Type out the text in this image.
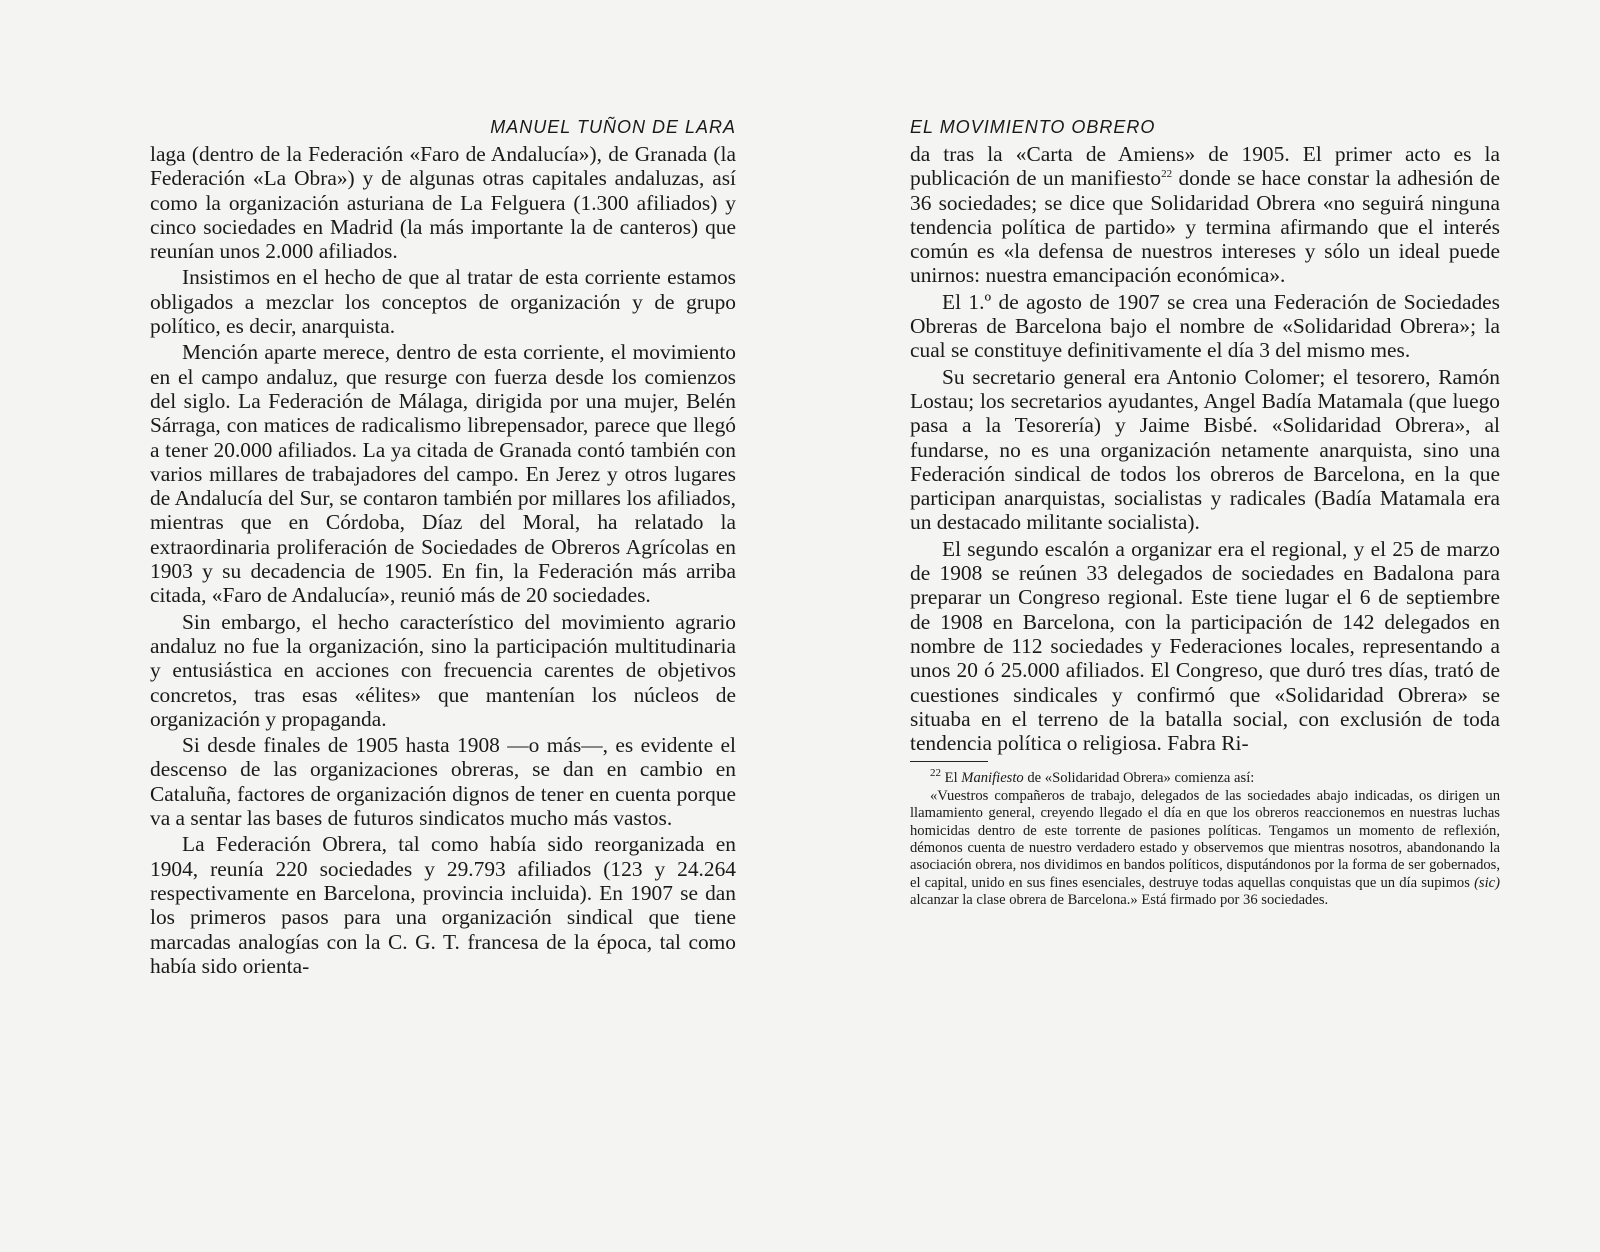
MANUEL TUÑON DE LARA

laga (dentro de la Federación «Faro de Andalucía»), de Granada (la Federación «La Obra») y de algunas otras capitales andaluzas, así como la organización asturiana de La Felguera (1.300 afiliados) y cinco sociedades en Madrid (la más importante la de canteros) que reunían unos 2.000 afiliados.

Insistimos en el hecho de que al tratar de esta corriente estamos obligados a mezclar los conceptos de organización y de grupo político, es decir, anarquista.

Mención aparte merece, dentro de esta corriente, el movimiento en el campo andaluz, que resurge con fuerza desde los comienzos del siglo. La Federación de Málaga, dirigida por una mujer, Belén Sárraga, con matices de radicalismo librepensador, parece que llegó a tener 20.000 afiliados. La ya citada de Granada contó también con varios millares de trabajadores del campo. En Jerez y otros lugares de Andalucía del Sur, se contaron también por millares los afiliados, mientras que en Córdoba, Díaz del Moral, ha relatado la extraordinaria proliferación de Sociedades de Obreros Agrícolas en 1903 y su decadencia de 1905. En fin, la Federación más arriba citada, «Faro de Andalucía», reunió más de 20 sociedades.

Sin embargo, el hecho característico del movimiento agrario andaluz no fue la organización, sino la participación multitudinaria y entusiástica en acciones con frecuencia carentes de objetivos concretos, tras esas «élites» que mantenían los núcleos de organización y propaganda.

Si desde finales de 1905 hasta 1908 —o más—, es evidente el descenso de las organizaciones obreras, se dan en cambio en Cataluña, factores de organización dignos de tener en cuenta porque va a sentar las bases de futuros sindicatos mucho más vastos.

La Federación Obrera, tal como había sido reorganizada en 1904, reunía 220 sociedades y 29.793 afiliados (123 y 24.264 respectivamente en Barcelona, provincia incluida). En 1907 se dan los primeros pasos para una organización sindical que tiene marcadas analogías con la C. G. T. francesa de la época, tal como había sido orienta-

EL MOVIMIENTO OBRERO

da tras la «Carta de Amiens» de 1905. El primer acto es la publicación de un manifiesto$^{22}$ donde se hace constar la adhesión de 36 sociedades; se dice que Solidaridad Obrera «no seguirá ninguna tendencia política de partido» y termina afirmando que el interés común es «la defensa de nuestros intereses y sólo un ideal puede unirnos: nuestra emancipación económica».

El 1.º de agosto de 1907 se crea una Federación de Sociedades Obreras de Barcelona bajo el nombre de «Solidaridad Obrera»; la cual se constituye definitivamente el día 3 del mismo mes.

Su secretario general era Antonio Colomer; el tesorero, Ramón Lostau; los secretarios ayudantes, Angel Badía Matamala (que luego pasa a la Tesorería) y Jaime Bisbé. «Solidaridad Obrera», al fundarse, no es una organización netamente anarquista, sino una Federación sindical de todos los obreros de Barcelona, en la que participan anarquistas, socialistas y radicales (Badía Matamala era un destacado militante socialista).

El segundo escalón a organizar era el regional, y el 25 de marzo de 1908 se reúnen 33 delegados de sociedades en Badalona para preparar un Congreso regional. Este tiene lugar el 6 de septiembre de 1908 en Barcelona, con la participación de 142 delegados en nombre de 112 sociedades y Federaciones locales, representando a unos 20 ó 25.000 afiliados. El Congreso, que duró tres días, trató de cuestiones sindicales y confirmó que «Solidaridad Obrera» se situaba en el terreno de la batalla social, con exclusión de toda tendencia política o religiosa. Fabra Ri-

$^{22}$ El Manifiesto de «Solidaridad Obrera» comienza así:

«Vuestros compañeros de trabajo, delegados de las sociedades abajo indicadas, os dirigen un llamamiento general, creyendo llegado el día en que los obreros reaccionemos en nuestras luchas homicidas dentro de este torrente de pasiones políticas. Tengamos un momento de reflexión, démonos cuenta de nuestro verdadero estado y observemos que mientras nosotros, abandonando la asociación obrera, nos dividimos en bandos políticos, disputándonos por la forma de ser gobernados, el capital, unido en sus fines esenciales, destruye todas aquellas conquistas que un día supimos (sic) alcanzar la clase obrera de Barcelona.» Está firmado por 36 sociedades.
